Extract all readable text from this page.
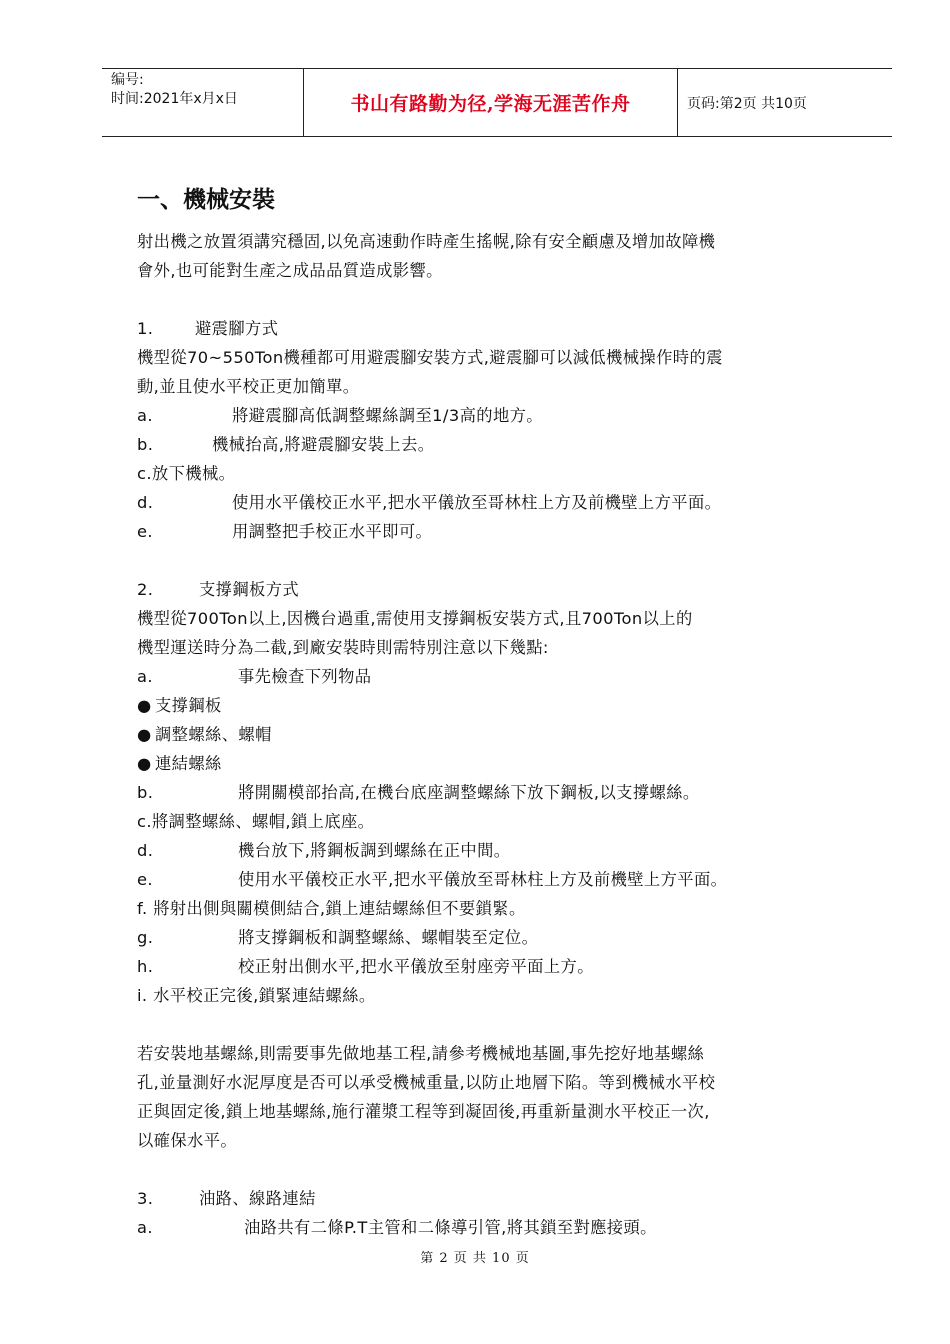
编号:
时间:2021年x月x日	书山有路勤为径,学海无涯苦作舟	页码:第2页 共10页
一、機械安裝

射出機之放置須講究穩固,以免高速動作時產生搖幌,除有安全顧慮及增加故障機

會外,也可能對生產之成品品質造成影響。

1.	避震腳方式

機型從70~550Ton機種都可用避震腳安裝方式,避震腳可以減低機械操作時的震

動,並且使水平校正更加簡單。

a.	將避震腳高低調整螺絲調至1/3高的地方。
b.	機械抬高,將避震腳安裝上去。
c.放下機械。
d.	使用水平儀校正水平,把水平儀放至哥林柱上方及前機壁上方平面。
e.	用調整把手校正水平即可。
2.	支撐鋼板方式

機型從700Ton以上,因機台過重,需使用支撐鋼板安裝方式,且700Ton以上的

機型運送時分為二截,到廠安裝時則需特別注意以下幾點:

a.	事先檢查下列物品
● 支撐鋼板
● 調整螺絲、螺帽
● 連結螺絲
b.	將開關模部抬高,在機台底座調整螺絲下放下鋼板,以支撐螺絲。
c.將調整螺絲、螺帽,鎖上底座。
d.	機台放下,將鋼板調到螺絲在正中間。
e.	使用水平儀校正水平,把水平儀放至哥林柱上方及前機壁上方平面。
f. 將射出側與關模側結合,鎖上連結螺絲但不要鎖緊。
g.	將支撐鋼板和調整螺絲、螺帽裝至定位。
h.	校正射出側水平,把水平儀放至射座旁平面上方。
i. 水平校正完後,鎖緊連結螺絲。

若安裝地基螺絲,則需要事先做地基工程,請參考機械地基圖,事先挖好地基螺絲

孔,並量測好水泥厚度是否可以承受機械重量,以防止地層下陷。等到機械水平校

正與固定後,鎖上地基螺絲,施行灌漿工程等到凝固後,再重新量測水平校正一次,

以確保水平。

3.	油路、線路連結
a.	油路共有二條P.T主管和二條導引管,將其鎖至對應接頭。
第 2 页 共 10 页
